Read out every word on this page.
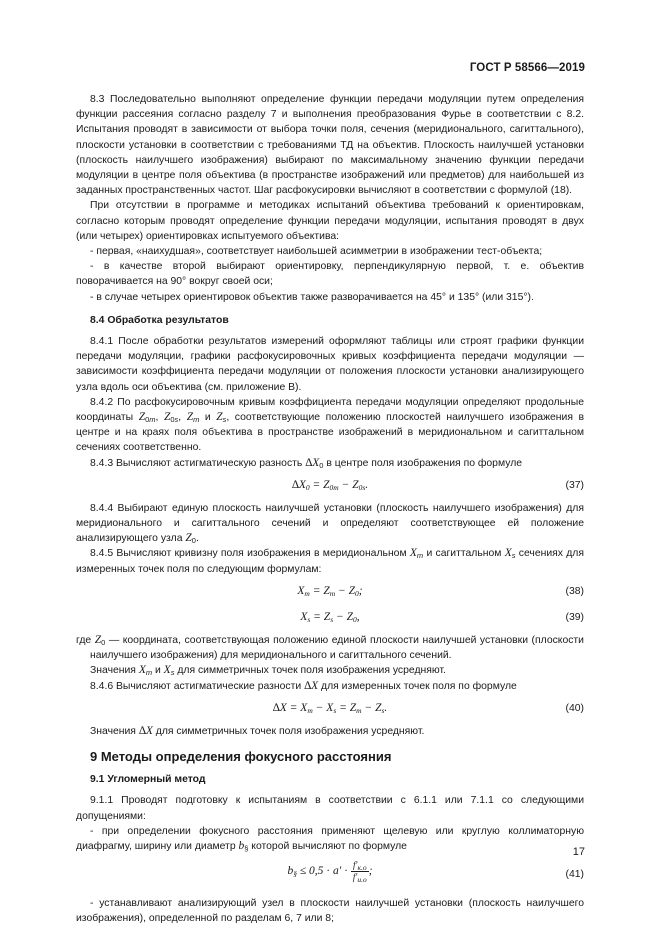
ГОСТ Р 58566—2019

8.3 Последовательно выполняют определение функции передачи модуляции путем определения функции рассеяния согласно разделу 7 и выполнения преобразования Фурье в соответствии с 8.2. Испытания проводят в зависимости от выбора точки поля, сечения (меридионального, сагиттального), плоскости установки в соответствии с требованиями ТД на объектив. Плоскость наилучшей установки (плоскость наилучшего изображения) выбирают по максимальному значению функции передачи модуляции в центре поля объектива (в пространстве изображений или предметов) для наибольшей из заданных пространственных частот. Шаг расфокусировки вычисляют в соответствии с формулой (18).

При отсутствии в программе и методиках испытаний объектива требований к ориентировкам, согласно которым проводят определение функции передачи модуляции, испытания проводят в двух (или четырех) ориентировках испытуемого объектива:

- первая, «наихудшая», соответствует наибольшей асимметрии в изображении тест-объекта;

- в качестве второй выбирают ориентировку, перпендикулярную первой, т. е. объектив поворачивается на 90° вокруг своей оси;

- в случае четырех ориентировок объектив также разворачивается на 45° и 135° (или 315°).

8.4 Обработка результатов

8.4.1 После обработки результатов измерений оформляют таблицы или строят графики функции передачи модуляции, графики расфокусировочных кривых коэффициента передачи модуляции — зависимости коэффициента передачи модуляции от положения плоскости установки анализирующего узла вдоль оси объектива (см. приложение В).

8.4.2 По расфокусировочным кривым коэффициента передачи модуляции определяют продольные координаты $Z_{0m}$, $Z_{0s}$, $Z_m$ и $Z_s$, соответствующие положению плоскостей наилучшего изображения в центре и на краях поля объектива в пространстве изображений в меридиональном и сагиттальном сечениях соответственно.

8.4.3 Вычисляют астигматическую разность $\Delta X_0$ в центре поля изображения по формуле

$\Delta X_0 = Z_{0m} - Z_{0s}$.	(37)

8.4.4 Выбирают единую плоскость наилучшей установки (плоскость наилучшего изображения) для меридионального и сагиттального сечений и определяют соответствующее ей положение анализирующего узла $Z_0$.

8.4.5 Вычисляют кривизну поля изображения в меридиональном $X_m$ и сагиттальном $X_s$ сечениях для измеренных точек поля по следующим формулам:

$X_m = Z_m - Z_0$;	(38)
$X_s = Z_s - Z_0$,	(39)

где $Z_0$ — координата, соответствующая положению единой плоскости наилучшей установки (плоскости наилучшего изображения) для меридионального и сагиттального сечений.

Значения $X_m$ и $X_s$ для симметричных точек поля изображения усредняют.

8.4.6 Вычисляют астигматические разности ∆X для измеренных точек поля по формуле

$\Delta X = X_m - X_s = Z_m - Z_s$.	(40)

Значения ∆X для симметричных точек поля изображения усредняют.

9 Методы определения фокусного расстояния

9.1 Угломерный метод

9.1.1 Проводят подготовку к испытаниям в соответствии с 6.1.1 или 7.1.1 со следующими допущениями:

- при определении фокусного расстояния применяют щелевую или круглую коллиматорную диафрагму, ширину или диаметр $b_\S$ которой вычисляют по формуле

$b_\S \le 0,5 \cdot a' \cdot \frac{f'_{к.о}}{f'_{и.о}}$ ;	(41)

- устанавливают анализирующий узел в плоскости наилучшей установки (плоскость наилучшего изображения), определенной по разделам 6, 7 или 8;

17
